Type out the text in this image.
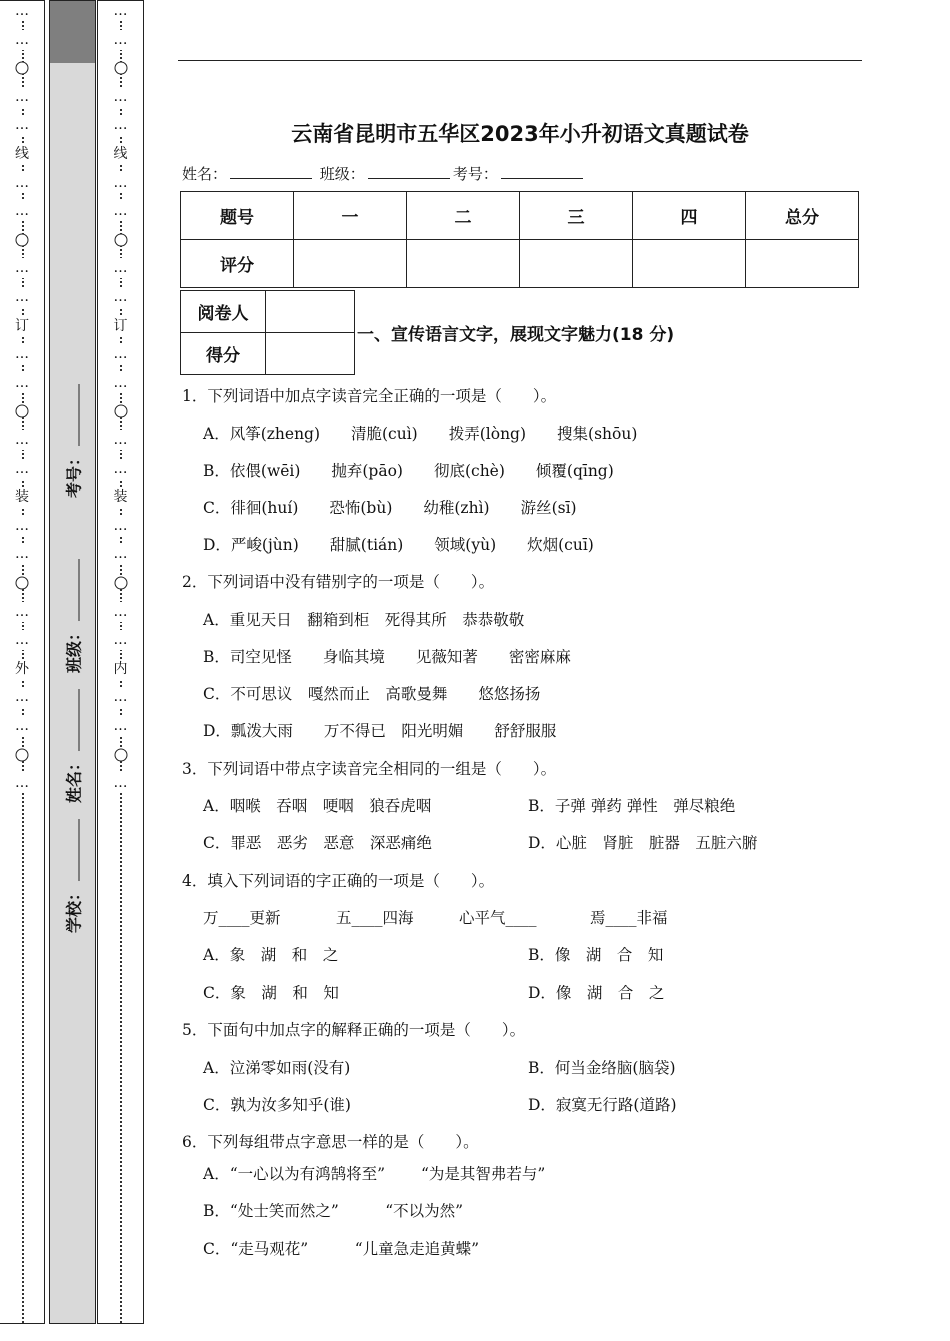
…
…
…
…
线
…
…
…
…
订
…
…
…
…
装
…
…
…
…
外
…
…
…
学校：
姓名：
班级：
考号：
…
…
…
…
线
…
…
…
…
订
…
…
…
…
装
…
…
…
…
内
…
…
…
云南省昆明市五华区2023年小升初语文真题试卷
姓名：	班级：	考号：
题号	一	二	三	四	总分
评分					
阅卷人	
得分	
一、宣传语言文字，展现文字魅力(18 分)
1．下列词语中加点字读音完全正确的一项是（　　）。
A．风筝(zheng)　　清脆(cuì)　　拨弄(lòng)　　搜集(shōu)
B．依偎(wēi)　　抛弃(pāo)　　彻底(chè)　　倾覆(qīng)
C．徘徊(huí)　　恐怖(bù)　　幼稚(zhì)　　游丝(sī)
D．严峻(jùn)　　甜腻(tián)　　领域(yù)　　炊烟(cuī)
2．下列词语中没有错别字的一项是（　　）。
A．重见天日　翻箱到柜　死得其所　恭恭敬敬
B．司空见怪　　身临其境　　见薇知著　　密密麻麻
C．不可思议　嘎然而止　高歌曼舞　　悠悠扬扬
D．瓢泼大雨　　万不得已　阳光明媚　　舒舒服服
3．下列词语中带点字读音完全相同的一组是（　　）。
A．咽喉　吞咽　哽咽　狼吞虎咽	B．子弹 弹药 弹性　弹尽粮绝
C．罪恶　恶劣　恶意　深恶痛绝	D．心脏　肾脏　脏器　五脏六腑
4．填入下列词语的字正确的一项是（　　）。
万____更新	五____四海	心平气____	焉____非福
A．象　湖　和　之	B．像　湖　合　知
C．象　湖　和　知	D．像　湖　合　之
5．下面句中加点字的解释正确的一项是（　　）。
A．泣涕零如雨(没有)	B．何当金络脑(脑袋)
C．孰为汝多知乎(谁)	D．寂寞无行路(道路)
6．下列每组带点字意思一样的是（　　）。
A．“一心以为有鸿鹄将至”　　 “为是其智弗若与”
B．“处士笑而然之”　　　“不以为然”
C．“走马观花”　　　“儿童急走追黄蝶”
